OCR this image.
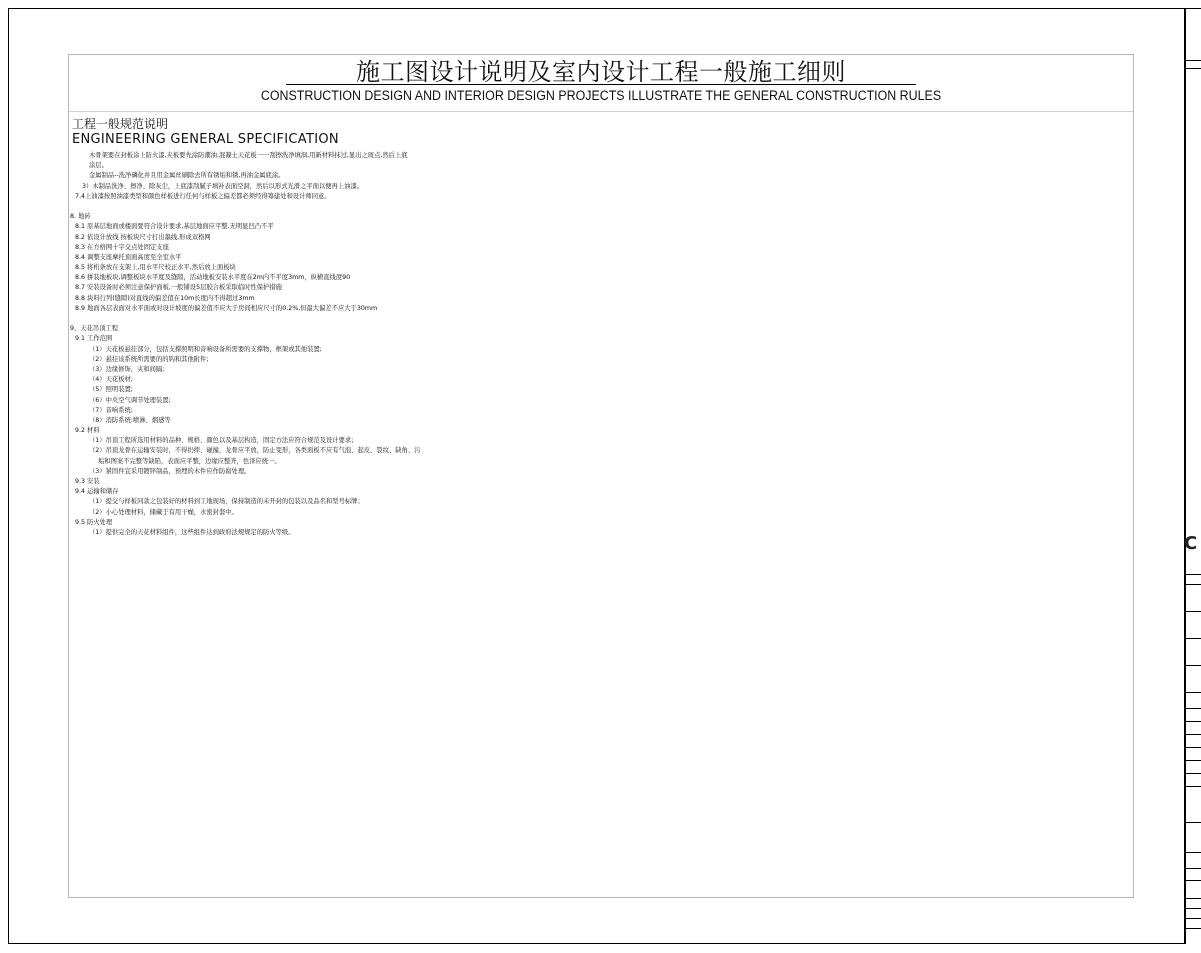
C
施工图设计说明及室内设计工程一般施工细则
CONSTRUCTION DESIGN AND INTERIOR DESIGN PROJECTS ILLUSTRATE THE GENERAL CONSTRUCTION RULES
工程一般规范说明
ENGINEERING GENERAL SPECIFICATION
木骨架要在封板涂上防火漆,夹板要先涂防潮油.混凝土天花板一一刮擦洗净填洞,用新材料抹过,显出之斑点,然后上底
涂层。
金属制品--洗净磷化并且用金属丝刷除去所有锈垢和锈,再油金属底涂。
3）木制品洗净、擦净、除灰尘，上底漆刮腻子填补表面空洞，然后以形式光滑之平面以便再上油漆。
7.4上油漆按照油漆类型和颜色样板进行任何与样板之偏差都必须经得筹建处和设计师同意。
8. 地砖
8.1 原基层地面或楼面要符合设计要求,基层地面应平整,无明显凹凸不平
8.2 依设计放线 按板块尺寸打出墨线,形成双格网
8.3 在方格网十字交点处固定支座
8.4 调整支座摩托顶面高度至全室水平
8.5 将桁条放在支架上,用水平尺校正水平,然后放上面板块
8.6 拼装地板块,调整板块水平度及缝隙，活动地板安装水平度在2m内不平度3mm，纵横直线度90
8.7 安装设备时必须注意保护面板,一般铺设5层胶合板采取临时性保护措施
8.8 块料行列(缝隙)对直线的偏差值在10m长度内不得超过3mm
8.9 地面各层表面对水平面或对设计坡度的偏差值不应大于房间相应尺寸的0.2%,但最大偏差不应大于30mm
9、天花吊顶工程
9.1 工作范围
（1）天花板悬挂部分，包括支撑照明和音响设备所需要的支撑物，框架或其他装置;
（2）悬挂该系统所需要的的钩和其他附件;
（3）边缘修饰，夹和间隔;
（4）天花板材;
（5）照明装置;
（6）中央空气调节处理装置;
（7）音响系统;
（8）消防系统:喷淋、烟感等
9.2 材料
（1）吊顶工程所选用材料的品种、规格、颜色以及基层构造，固定方法应符合规范及设计要求；
（2）吊顶龙骨在运输安装时，不得扔摔、碰撞，龙骨应平放，防止变形，各类面板不应有气泡、起皮、裂纹、缺角、污
垢和图案不完整等缺陷，表面应平整，边缘应整齐，色泽应统一。
（3）紧固件宜采用镀锌制品，预埋的木件应作防腐处理。
9.3 安装
9.4 运输和储存
（1）提交与样板同款之包装好的材料到工地现场，保持制造的未开封的包装以及品名和型号标牌；
（2）小心处理材料，储藏于有用干燥，水密封套中。
9.5 防火处理
（1）提供完全的天花材料组件，这些组件达到政府法规规定的防火等级。
